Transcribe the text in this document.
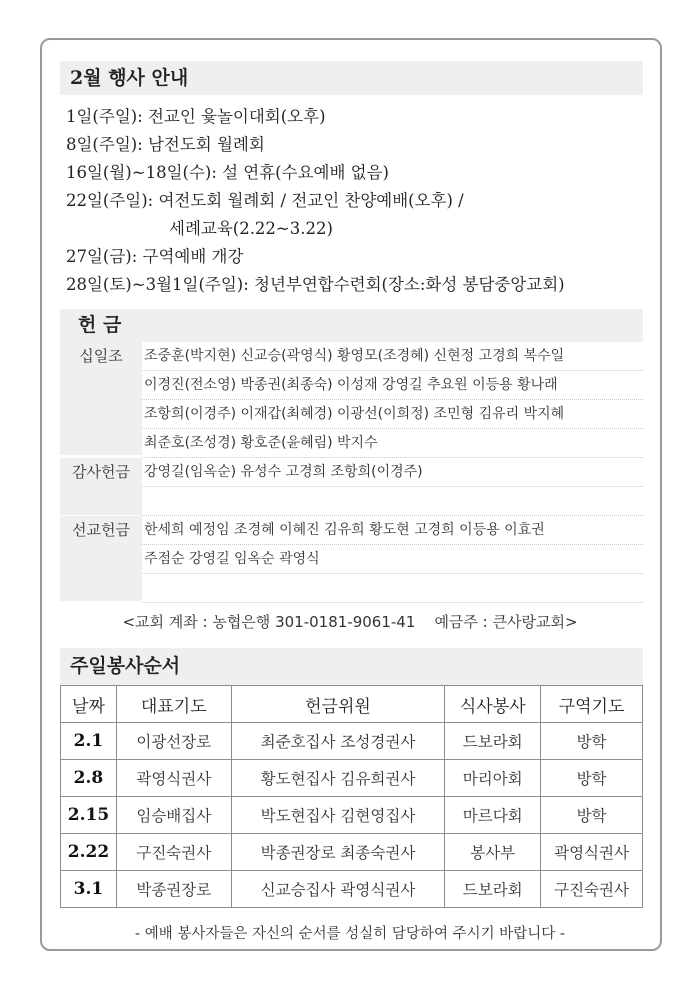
2월 행사 안내
1일(주일): 전교인 윷놀이대회(오후)
8일(주일): 남전도회 월례회
16일(월)~18일(수): 설 연휴(수요예배 없음)
22일(주일): 여전도회 월례회 / 전교인 찬양예배(오후) /
세례교육(2.22~3.22)
27일(금): 구역예배 개강
28일(토)~3월1일(주일): 청년부연합수련회(장소:화성 봉담중앙교회)
헌 금
십일조	조중훈(박지현) 신교승(곽영식) 황영모(조경혜) 신현정 고경희 복수일
이경진(전소영) 박종권(최종숙) 이성재 강영길 추요원 이등용 황나래
조항희(이경주) 이재갑(최혜경) 이광선(이희정) 조민형 김유리 박지혜
최준호(조성경) 황호준(윤혜림) 박지수
감사헌금	강영길(임옥순) 유성수 고경희 조항희(이경주)
선교헌금	한세희 예정임 조경혜 이혜진 김유희 황도현 고경희 이등용 이효권
주점순 강영길 임옥순 곽영식
<교회 계좌 : 농협은행 301-0181-9061-41    예금주 : 큰사랑교회>
주일봉사순서
날짜	대표기도	헌금위원	식사봉사	구역기도
2.1	이광선장로	최준호집사 조성경권사	드보라회	방학
2.8	곽영식권사	황도현집사 김유희권사	마리아회	방학
2.15	임승배집사	박도현집사 김현영집사	마르다회	방학
2.22	구진숙권사	박종권장로 최종숙권사	봉사부	곽영식권사
3.1	박종권장로	신교승집사 곽영식권사	드보라회	구진숙권사
- 예배 봉사자들은 자신의 순서를 성실히 담당하여 주시기 바랍니다 -
